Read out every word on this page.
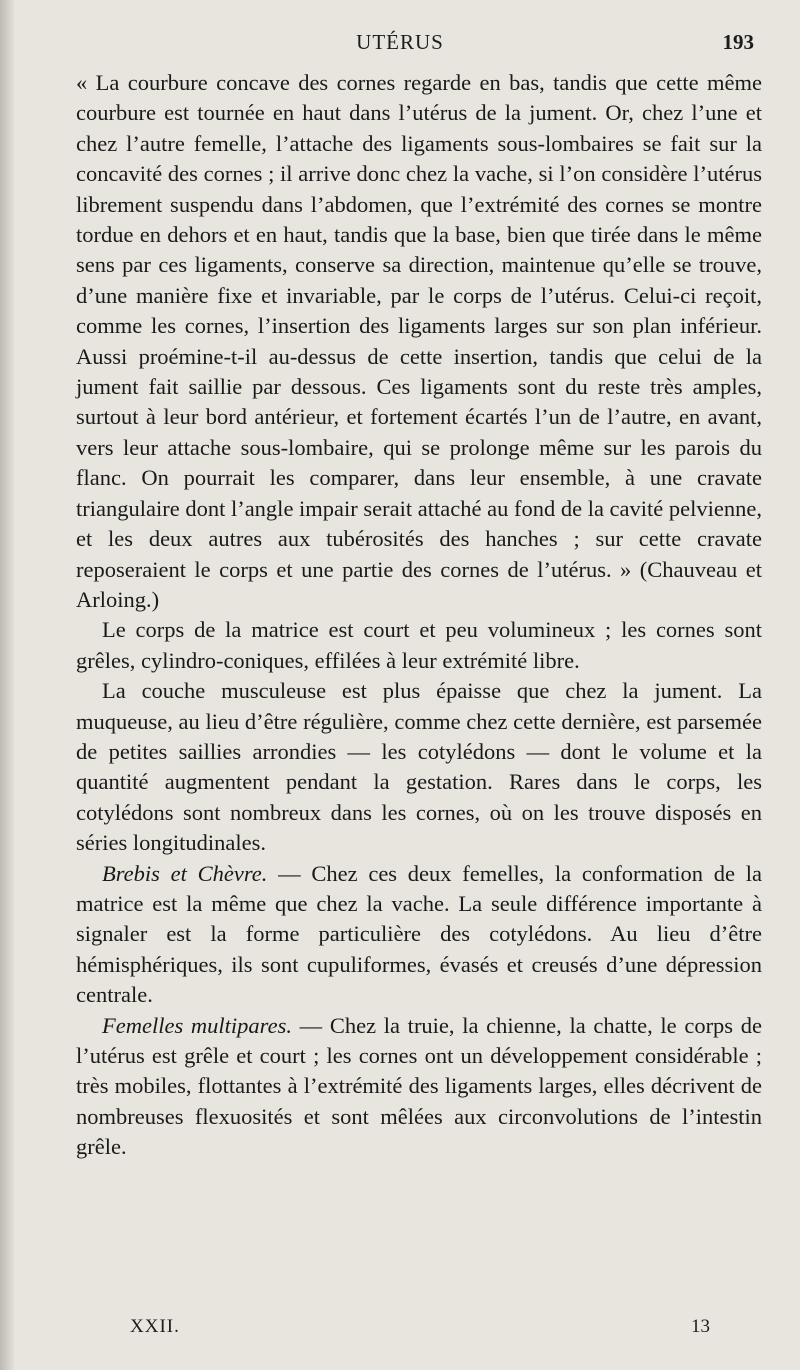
UTÉRUS	193

« La courbure concave des cornes regarde en bas, tandis que cette même courbure est tournée en haut dans l’utérus de la jument. Or, chez l’une et chez l’autre femelle, l’attache des ligaments sous-lombaires se fait sur la concavité des cornes ; il arrive donc chez la vache, si l’on considère l’utérus librement suspendu dans l’abdomen, que l’extrémité des cornes se montre tordue en dehors et en haut, tandis que la base, bien que tirée dans le même sens par ces ligaments, conserve sa direction, maintenue qu’elle se trouve, d’une manière fixe et invariable, par le corps de l’utérus. Celui-ci reçoit, comme les cornes, l’insertion des ligaments larges sur son plan inférieur. Aussi proémine-t-il au-dessus de cette insertion, tandis que celui de la jument fait saillie par dessous. Ces ligaments sont du reste très amples, surtout à leur bord antérieur, et fortement écartés l’un de l’autre, en avant, vers leur attache sous-lombaire, qui se prolonge même sur les parois du flanc. On pourrait les comparer, dans leur ensemble, à une cravate triangulaire dont l’angle impair serait attaché au fond de la cavité pelvienne, et les deux autres aux tubérosités des hanches ; sur cette cravate reposeraient le corps et une partie des cornes de l’utérus. » (Chauveau et Arloing.)

Le corps de la matrice est court et peu volumineux ; les cornes sont grêles, cylindro-coniques, effilées à leur extrémité libre.

La couche musculeuse est plus épaisse que chez la jument. La muqueuse, au lieu d’être régulière, comme chez cette dernière, est parsemée de petites saillies arrondies — les cotylédons — dont le volume et la quantité augmentent pendant la gestation. Rares dans le corps, les cotylédons sont nombreux dans les cornes, où on les trouve disposés en séries longitudinales.

Brebis et Chèvre. — Chez ces deux femelles, la conformation de la matrice est la même que chez la vache. La seule différence importante à signaler est la forme particulière des cotylédons. Au lieu d’être hémisphériques, ils sont cupuliformes, évasés et creusés d’une dépression centrale.

Femelles multipares. — Chez la truie, la chienne, la chatte, le corps de l’utérus est grêle et court ; les cornes ont un développement considérable ; très mobiles, flottantes à l’extrémité des ligaments larges, elles décrivent de nombreuses flexuosités et sont mêlées aux circonvolutions de l’intestin grêle.

XXII.	13
